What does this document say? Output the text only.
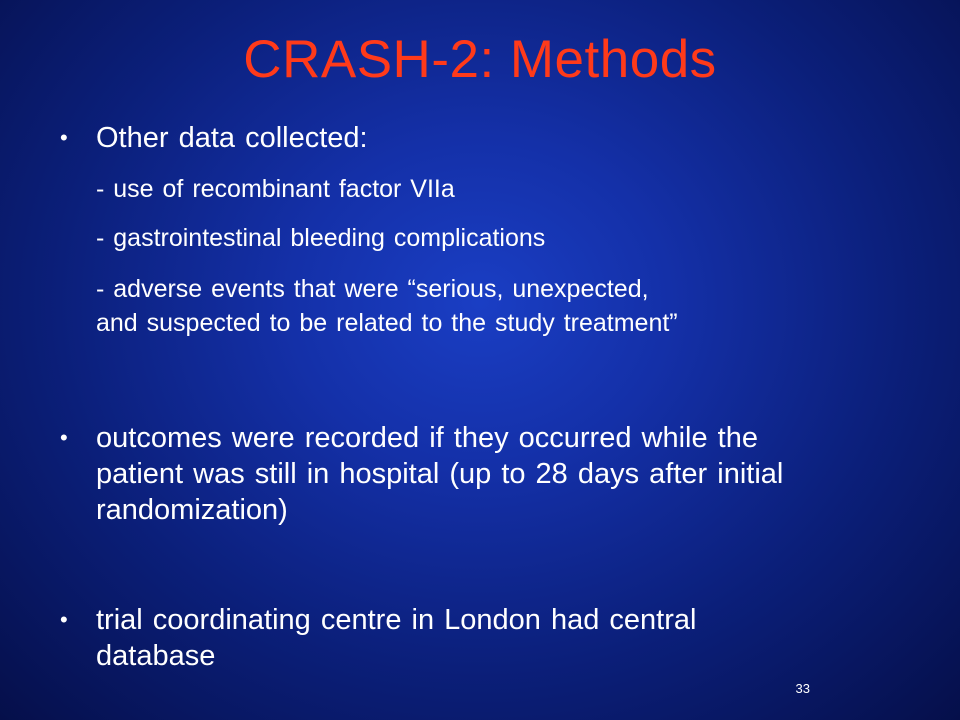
CRASH-2: Methods
• Other data collected:
- use of recombinant factor VIIa
- gastrointestinal bleeding complications
- adverse events that were “serious, unexpected,
and suspected to be related to the study treatment”
• outcomes were recorded if they occurred while the
patient was still in hospital (up to 28 days after initial
randomization)
• trial coordinating centre in London had central
database
33
